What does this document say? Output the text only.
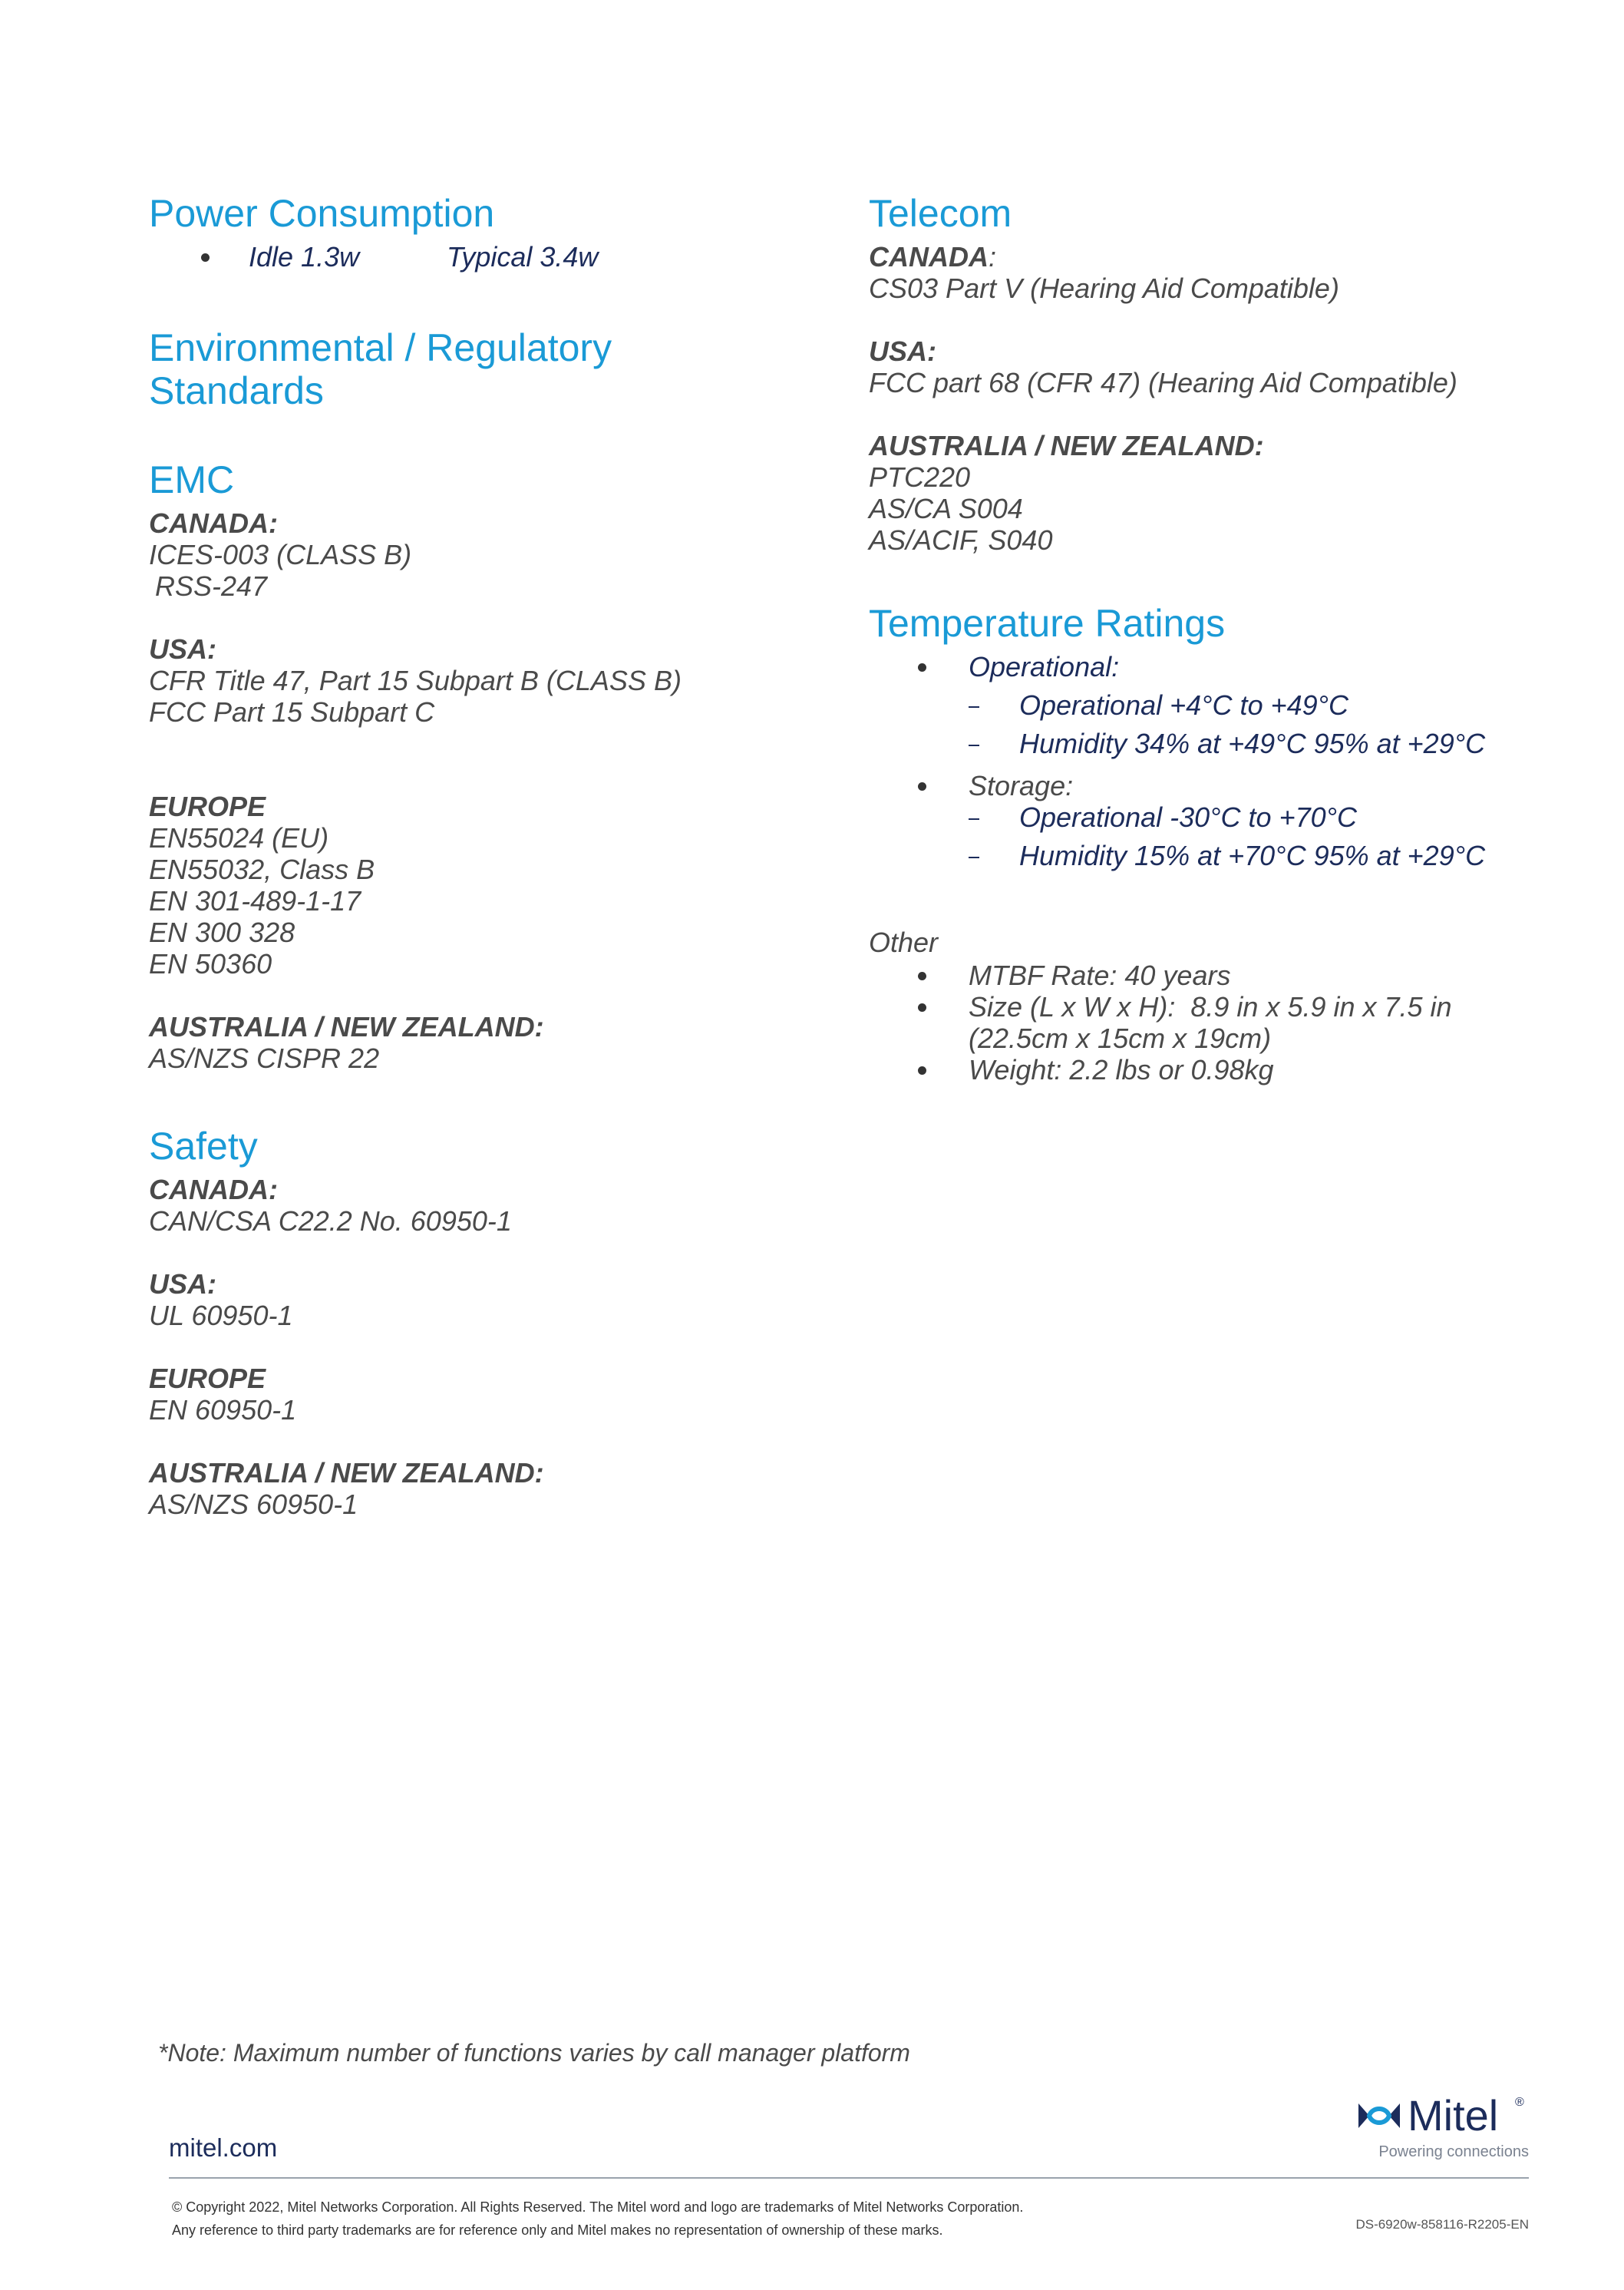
Power Consumption
Idle 1.3w	Typical 3.4w
Environmental / Regulatory
Standards
EMC

CANADA:

ICES-003 (CLASS B)

RSS-247

USA:

CFR Title 47, Part 15 Subpart B (CLASS B)

FCC Part 15 Subpart C

EUROPE

EN55024 (EU)

EN55032, Class B

EN 301-489-1-17

EN 300 328

EN 50360

AUSTRALIA / NEW ZEALAND:

AS/NZS CISPR 22

Safety

CANADA:

CAN/CSA C22.2 No. 60950-1

USA:

UL 60950-1

EUROPE

EN 60950-1

AUSTRALIA / NEW ZEALAND:

AS/NZS 60950-1

Telecom

CANADA:

CS03 Part V (Hearing Aid Compatible)

USA:

FCC part 68 (CFR 47) (Hearing Aid Compatible)

AUSTRALIA / NEW ZEALAND:

PTC220

AS/CA S004

AS/ACIF, S040

Temperature Ratings
Operational:
Operational +4°C to +49°C
Humidity 34% at +49°C 95% at +29°C
Storage:
Operational -30°C to +70°C
Humidity 15% at +70°C 95% at +29°C

Other

MTBF Rate: 40 years
Size (L x W x H):  8.9 in x 5.9 in x 7.5 in
(22.5cm x 15cm x 19cm)
Weight: 2.2 lbs or 0.98kg
*Note: Maximum number of functions varies by call manager platform
mitel.com
Mitel ®
Powering connections
© Copyright 2022, Mitel Networks Corporation. All Rights Reserved. The Mitel word and logo are trademarks of Mitel Networks Corporation.
Any reference to third party trademarks are for reference only and Mitel makes no representation of ownership of these marks.	DS-6920w-858116-R2205-EN
